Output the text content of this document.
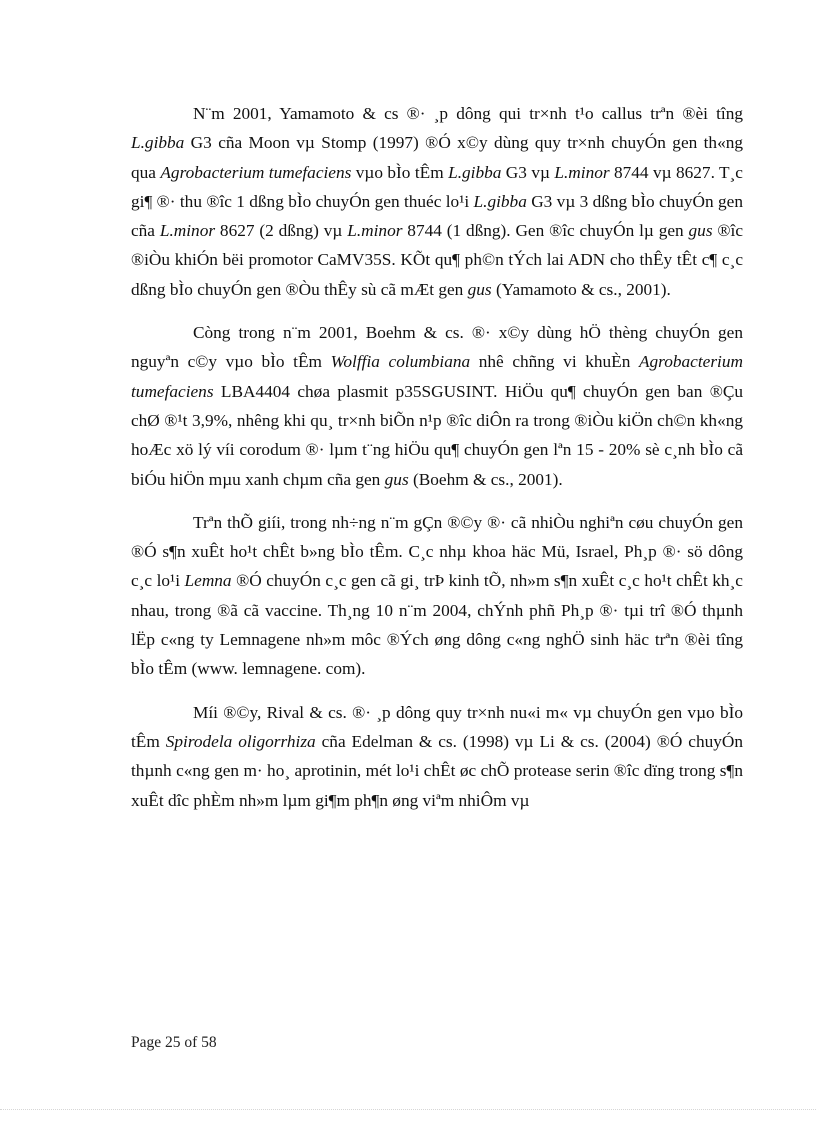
N¨m 2001, Yamamoto & cs ®· ¸p dông qui tr×nh t¹o callus trªn ®èi tîng L.gibba G3 cña Moon vµ Stomp (1997) ®Ó x©y dùng quy tr×nh chuyÓn gen th«ng qua Agrobacterium tumefaciens vµo bÌo tÊm L.gibba G3 vµ L.minor 8744 vµ 8627. T¸c gi¶ ®· thu ®îc 1 dßng bÌo chuyÓn gen thuéc lo¹i L.gibba G3 vµ 3 dßng bÌo chuyÓn gen cña L.minor 8627 (2 dßng) vµ L.minor 8744 (1 dßng). Gen ®îc chuyÓn lµ gen gus ®îc ®iÒu khiÓn bëi promotor CaMV35S. KÕt qu¶ ph©n tÝch lai ADN cho thÊy tÊt c¶ c¸c dßng bÌo chuyÓn gen ®Òu thÊy sù cã mÆt gen gus (Yamamoto & cs., 2001).

Còng trong n¨m 2001, Boehm & cs. ®· x©y dùng hÖ thèng chuyÓn gen nguyªn c©y vµo bÌo tÊm Wolffia columbiana nhê chñng vi khuÈn Agrobacterium tumefaciens LBA4404 chøa plasmit p35SGUSINT. HiÖu qu¶ chuyÓn gen ban ®Çu chØ ®¹t 3,9%, nhêng khi qu¸ tr×nh biÕn n¹p ®îc diÔn ra trong ®iÒu kiÖn ch©n kh«ng hoÆc xö lý víi corodum ®· lµm t¨ng hiÖu qu¶ chuyÓn gen lªn 15 - 20% sè c¸nh bÌo cã biÓu hiÖn mµu xanh chµm cña gen gus (Boehm & cs., 2001).

Trªn thÕ giíi, trong nh÷ng n¨m gÇn ®©y ®· cã nhiÒu nghiªn cøu chuyÓn gen ®Ó s¶n xuÊt ho¹t chÊt b»ng bÌo tÊm. C¸c nhµ khoa häc Mü, Israel, Ph¸p ®· sö dông c¸c lo¹i Lemna ®Ó chuyÓn c¸c gen cã gi¸ trÞ kinh tÕ, nh»m s¶n xuÊt c¸c ho¹t chÊt kh¸c nhau, trong ®ã cã vaccine. Th¸ng 10 n¨m 2004, chÝnh phñ Ph¸p ®· tµi trî ®Ó thµnh lËp c«ng ty Lemnagene nh»m môc ®Ých øng dông c«ng nghÖ sinh häc trªn ®èi tîng bÌo tÊm (www. lemnagene. com).

Míi ®©y, Rival & cs. ®· ¸p dông quy tr×nh nu«i m« vµ chuyÓn gen vµo bÌo tÊm Spirodela oligorrhiza cña Edelman & cs. (1998) vµ Li & cs. (2004) ®Ó chuyÓn thµnh c«ng gen m· ho¸ aprotinin, mét lo¹i chÊt øc chÕ protease serin ®îc dïng trong s¶n xuÊt dîc phÈm nh»m lµm gi¶m ph¶n øng viªm nhiÔm vµ

Page 25 of 58
